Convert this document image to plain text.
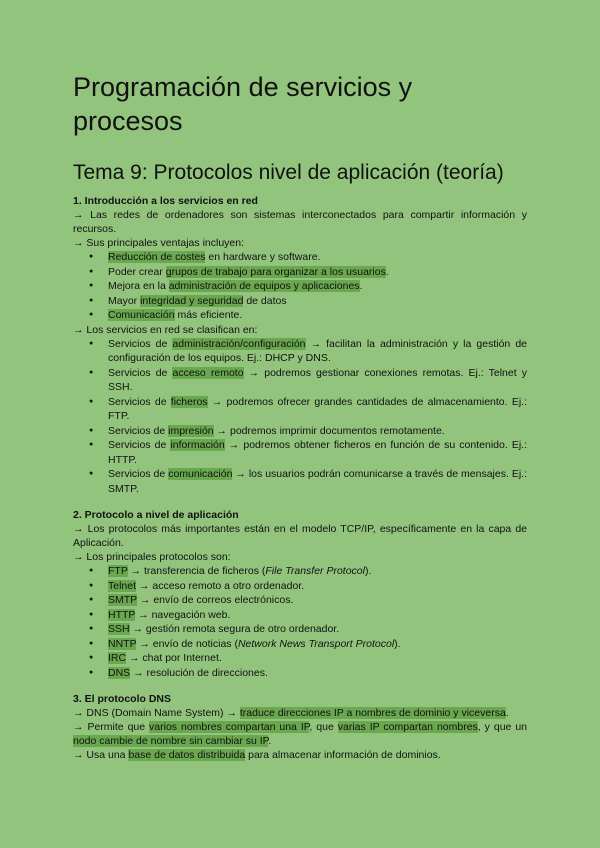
Programación de servicios y procesos
Tema 9: Protocolos nivel de aplicación (teoría)
1. Introducción a los servicios en red

→ Las redes de ordenadores son sistemas interconectados para compartir información y recursos.

→ Sus principales ventajas incluyen:

● Reducción de costes en hardware y software.
● Poder crear grupos de trabajo para organizar a los usuarios.
● Mejora en la administración de equipos y aplicaciones.
● Mayor integridad y seguridad de datos
● Comunicación más eficiente.

→ Los servicios en red se clasifican en:

● Servicios de administración/configuración → facilitan la administración y la gestión de configuración de los equipos. Ej.: DHCP y DNS.
● Servicios de acceso remoto → podremos gestionar conexiones remotas. Ej.: Telnet y SSH.
● Servicios de ficheros → podremos ofrecer grandes cantidades de almacenamiento. Ej.: FTP.
● Servicios de impresión → podremos imprimir documentos remotamente.
● Servicios de información → podremos obtener ficheros en función de su contenido. Ej.: HTTP.
● Servicios de comunicación → los usuarios podrán comunicarse a través de mensajes. Ej.: SMTP.
2. Protocolo a nivel de aplicación

→ Los protocolos más importantes están en el modelo TCP/IP, específicamente en la capa de Aplicación.

→ Los principales protocolos son:

● FTP → transferencia de ficheros (File Transfer Protocol).
● Telnet → acceso remoto a otro ordenador.
● SMTP → envío de correos electrónicos.
● HTTP → navegación web.
● SSH → gestión remota segura de otro ordenador.
● NNTP → envío de noticias (Network News Transport Protocol).
● IRC → chat por Internet.
● DNS → resolución de direcciones.
3. El protocolo DNS

→ DNS (Domain Name System) → traduce direcciones IP a nombres de dominio y viceversa.

→ Permite que varios nombres compartan una IP, que varias IP compartan nombres, y que un nodo cambie de nombre sin cambiar su IP.

→ Usa una base de datos distribuida para almacenar información de dominios.
